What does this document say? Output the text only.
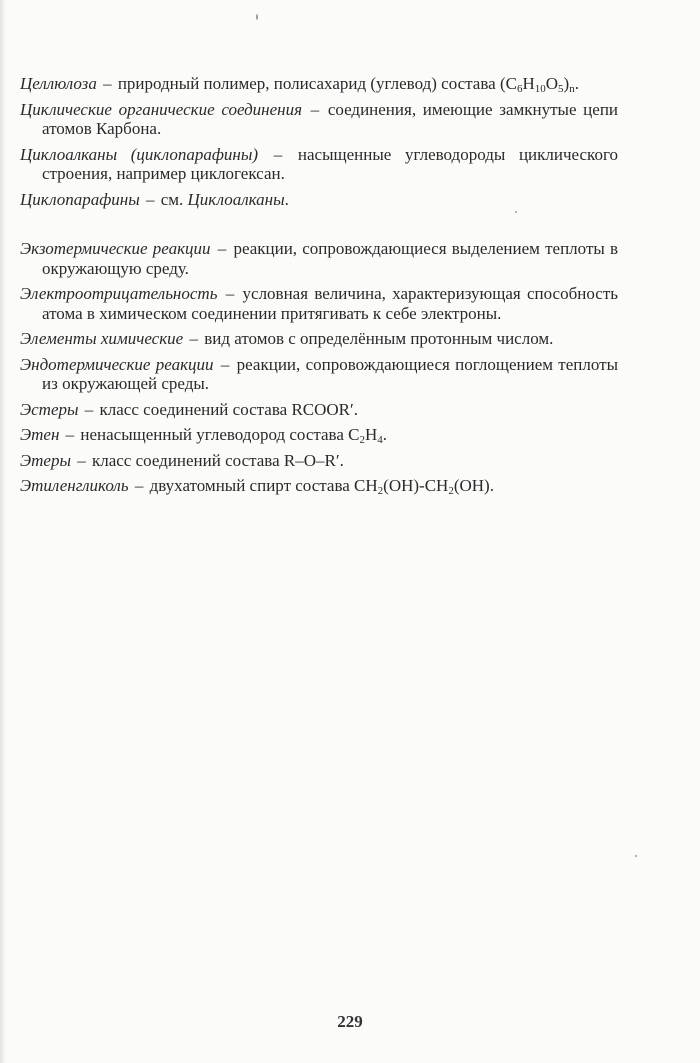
Целлюлоза – природный полимер, полисахарид (углевод) состава $(C_6H_{10}O_5)_n$.

Циклические органические соединения – соединения, имеющие замкнутые цепи атомов Карбона.

Циклоалканы (циклопарафины) – насыщенные углеводороды циклического строения, например циклогексан.

Циклопарафины – см. Циклоалканы.

Экзотермические реакции – реакции, сопровождающиеся выделением теплоты в окружающую среду.

Электроотрицательность – условная величина, характеризующая способность атома в химическом соединении притягивать к себе электроны.

Элементы химические – вид атомов с определённым протонным числом.

Эндотермические реакции – реакции, сопровождающиеся поглощением теплоты из окружающей среды.

Эстеры – класс соединений состава RCOOR′.

Этен – ненасыщенный углеводород состава $C_2H_4$.

Этеры – класс соединений состава R–O–R′.

Этиленгликоль – двухатомный спирт состава $CH_2(OH)-CH_2(OH)$.

229
